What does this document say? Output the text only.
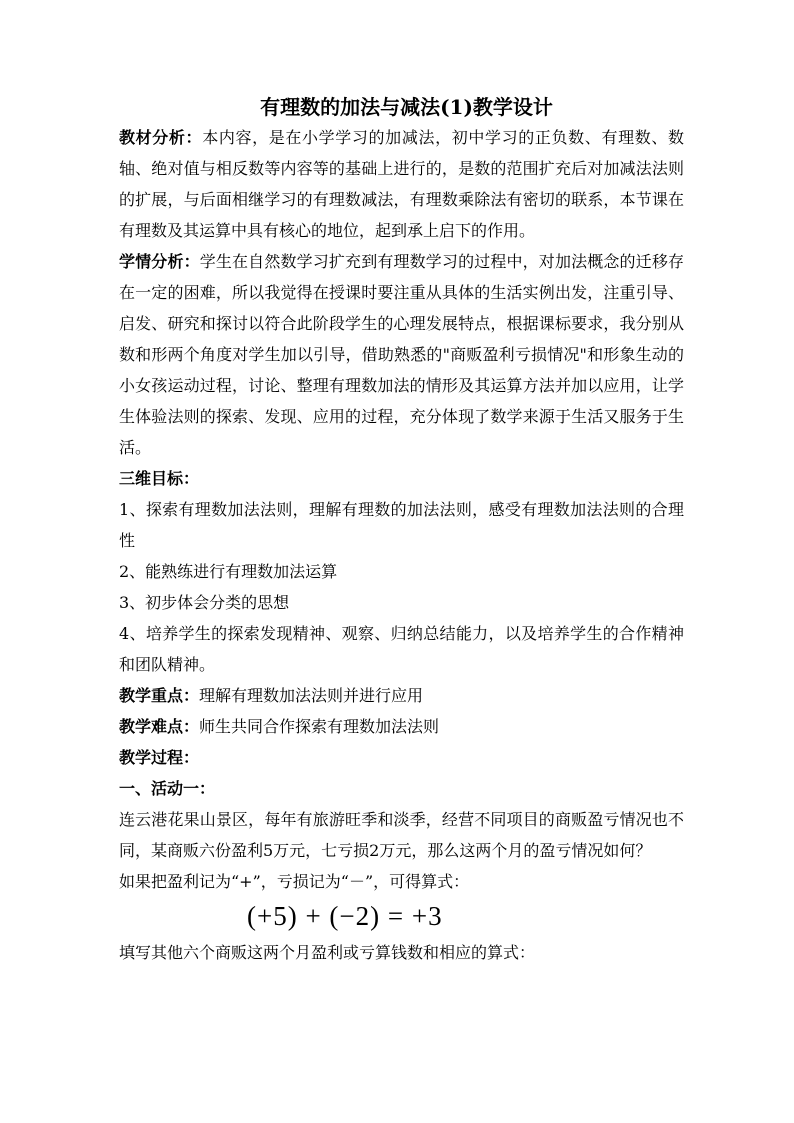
有理数的加法与减法(1)教学设计

教材分析：本内容，是在小学学习的加减法，初中学习的正负数、有理数、数轴、绝对值与相反数等内容等的基础上进行的，是数的范围扩充后对加减法法则的扩展，与后面相继学习的有理数减法，有理数乘除法有密切的联系，本节课在有理数及其运算中具有核心的地位，起到承上启下的作用。

学情分析：学生在自然数学习扩充到有理数学习的过程中，对加法概念的迁移存在一定的困难，所以我觉得在授课时要注重从具体的生活实例出发，注重引导、启发、研究和探讨以符合此阶段学生的心理发展特点，根据课标要求，我分别从数和形两个角度对学生加以引导，借助熟悉的"商贩盈利亏损情况"和形象生动的小女孩运动过程，讨论、整理有理数加法的情形及其运算方法并加以应用，让学生体验法则的探索、发现、应用的过程，充分体现了数学来源于生活又服务于生活。

三维目标：

1、探索有理数加法法则，理解有理数的加法法则，感受有理数加法法则的合理性

2、能熟练进行有理数加法运算

3、初步体会分类的思想

4、培养学生的探索发现精神、观察、归纳总结能力，以及培养学生的合作精神和团队精神。

教学重点：理解有理数加法法则并进行应用

教学难点：师生共同合作探索有理数加法法则

教学过程：

一、活动一：

连云港花果山景区，每年有旅游旺季和淡季，经营不同项目的商贩盈亏情况也不同，某商贩六份盈利5万元，七亏损2万元，那么这两个月的盈亏情况如何？

如果把盈利记为“+”，亏损记为“－”，可得算式：

(+5) + (−2) = +3

填写其他六个商贩这两个月盈利或亏算钱数和相应的算式：
